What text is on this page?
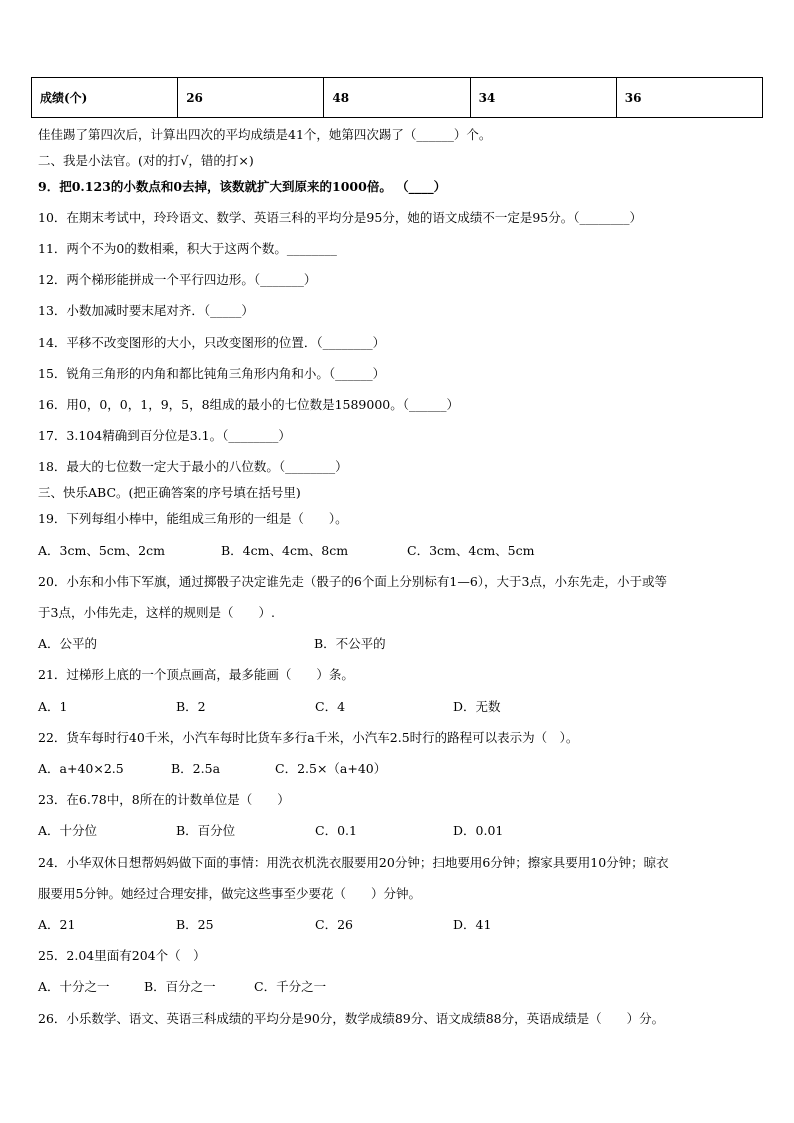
成绩(个)	26	48	34	36
佳佳踢了第四次后，计算出四次的平均成绩是41个，她第四次踢了（______）个。
二、我是小法官。(对的打√，错的打×)
9．把0.123的小数点和0去掉，该数就扩大到原来的1000倍。 （____）
10．在期末考试中，玲玲语文、数学、英语三科的平均分是95分，她的语文成绩不一定是95分。（________）
11．两个不为0的数相乘，积大于这两个数。________
12．两个梯形能拼成一个平行四边形。（_______）
13．小数加减时要末尾对齐．（_____）
14．平移不改变图形的大小，只改变图形的位置．（________）
15．锐角三角形的内角和都比钝角三角形内角和小。（______）
16．用0，0，0，1，9，5，8组成的最小的七位数是1589000。（______）
17．3.104精确到百分位是3.1。（________）
18．最大的七位数一定大于最小的八位数。（________）
三、快乐ABC。(把正确答案的序号填在括号里)
19．下列每组小棒中，能组成三角形的一组是（　　）。
A．3cm、5cm、2cm	B．4cm、4cm、8cm	C．3cm、4cm、5cm
20．小东和小伟下军旗，通过掷骰子决定谁先走（骰子的6个面上分别标有1—6），大于3点，小东先走，小于或等
于3点，小伟先走，这样的规则是（　　）.
A．公平的	B．不公平的
21．过梯形上底的一个顶点画高，最多能画（　　）条。
A．1	B．2	C．4	D．无数
22．货车每时行40千米，小汽车每时比货车多行a千米，小汽车2.5时行的路程可以表示为（　）。
A．a+40×2.5	B．2.5a	C．2.5×（a+40）
23．在6.78中，8所在的计数单位是（　　）
A．十分位	B．百分位	C．0.1	D．0.01
24．小华双休日想帮妈妈做下面的事情：用洗衣机洗衣服要用20分钟；扫地要用6分钟；擦家具要用10分钟；晾衣
服要用5分钟。她经过合理安排，做完这些事至少要花（　　）分钟。
A．21	B．25	C．26	D．41
25．2.04里面有204个（　）
A．十分之一	B．百分之一	C．千分之一
26．小乐数学、语文、英语三科成绩的平均分是90分，数学成绩89分、语文成绩88分，英语成绩是（　　）分。
